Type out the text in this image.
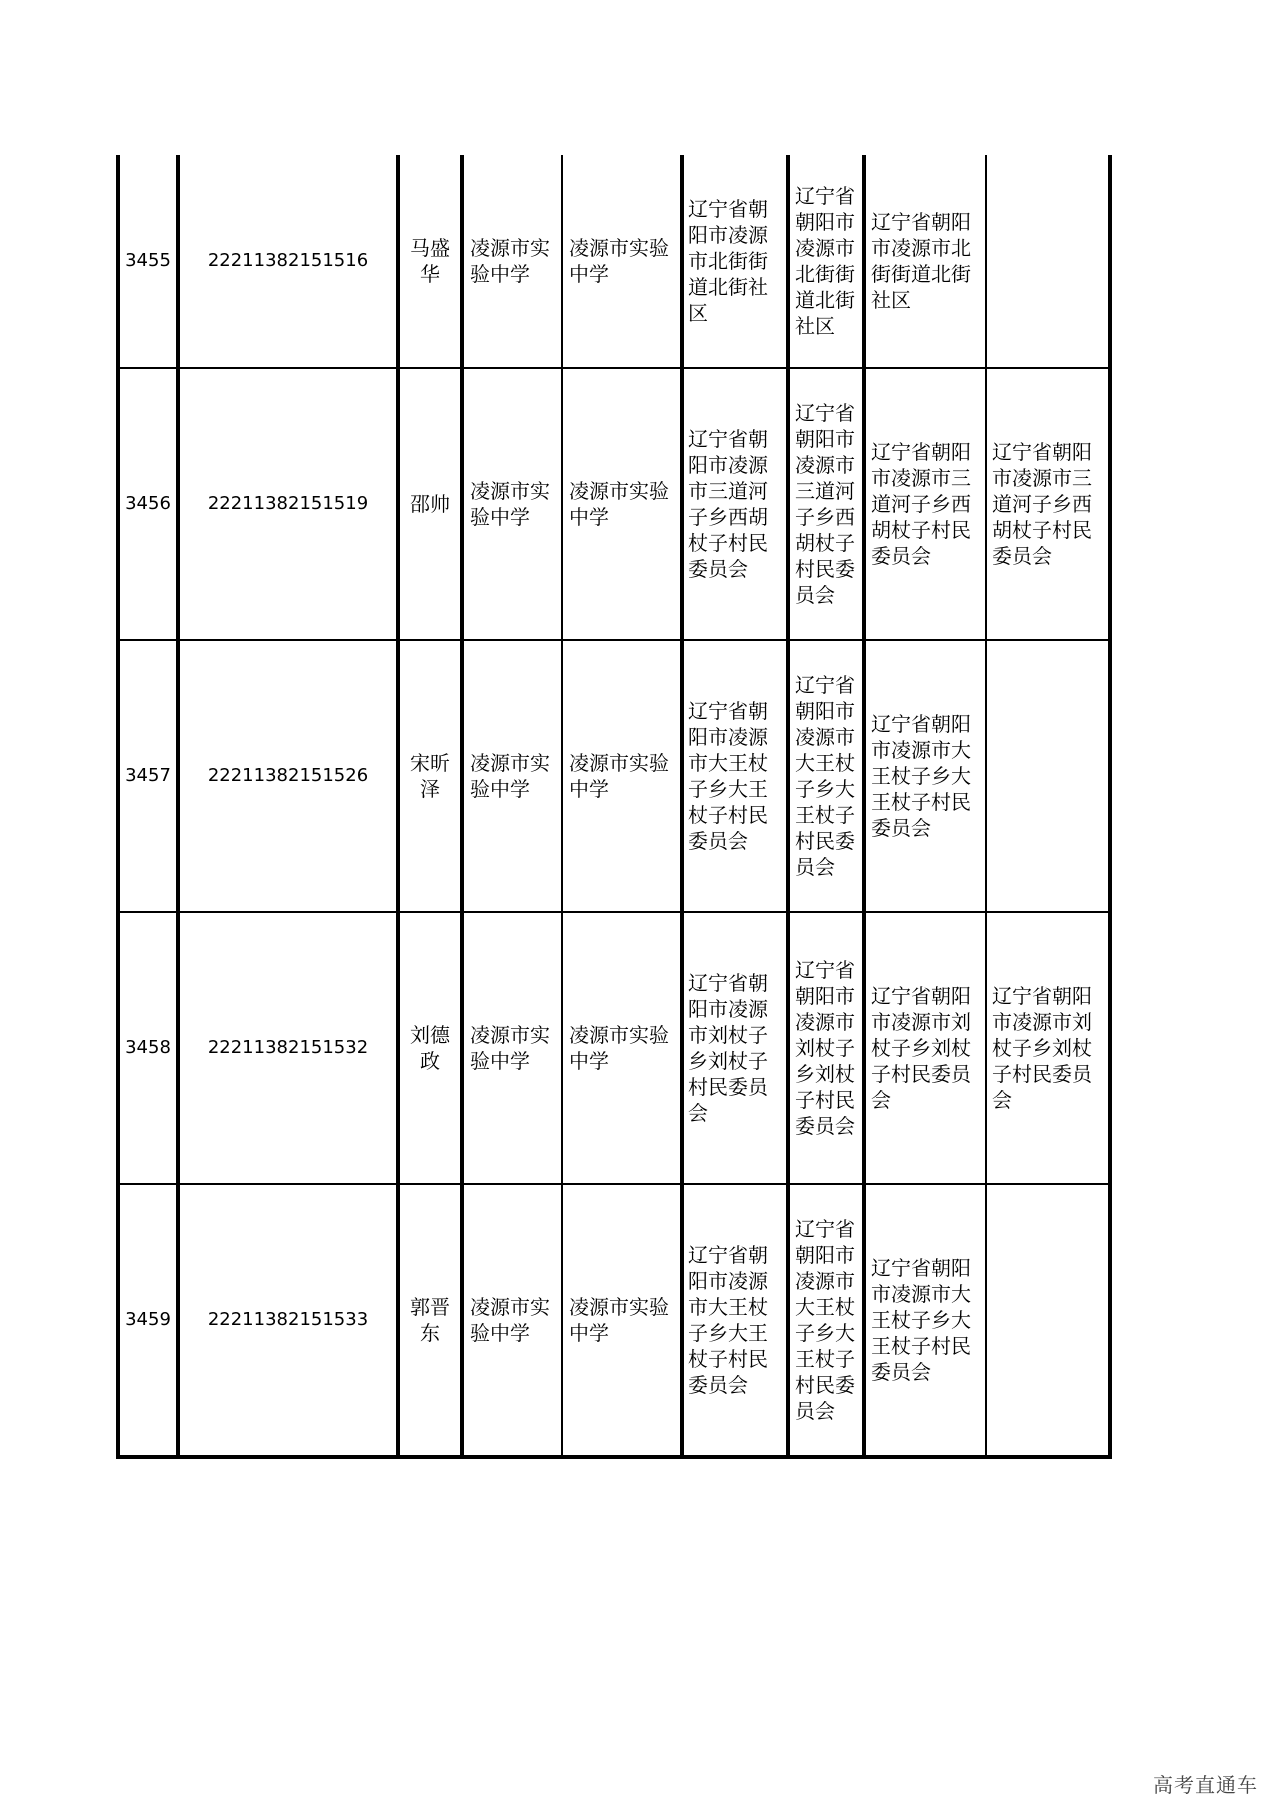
3455	22211382151516	马盛华	凌源市实验中学	凌源市实验中学	辽宁省朝阳市凌源市北街街道北街社区	辽宁省朝阳市凌源市北街街道北街社区	辽宁省朝阳市凌源市北街街道北街社区	
3456	22211382151519	邵帅	凌源市实验中学	凌源市实验中学	辽宁省朝阳市凌源市三道河子乡西胡杖子村民委员会	辽宁省朝阳市凌源市三道河子乡西胡杖子村民委员会	辽宁省朝阳市凌源市三道河子乡西胡杖子村民委员会	辽宁省朝阳市凌源市三道河子乡西胡杖子村民委员会
3457	22211382151526	宋昕泽	凌源市实验中学	凌源市实验中学	辽宁省朝阳市凌源市大王杖子乡大王杖子村民委员会	辽宁省朝阳市凌源市大王杖子乡大王杖子村民委员会	辽宁省朝阳市凌源市大王杖子乡大王杖子村民委员会	
3458	22211382151532	刘德政	凌源市实验中学	凌源市实验中学	辽宁省朝阳市凌源市刘杖子乡刘杖子村民委员会	辽宁省朝阳市凌源市刘杖子乡刘杖子村民委员会	辽宁省朝阳市凌源市刘杖子乡刘杖子村民委员会	辽宁省朝阳市凌源市刘杖子乡刘杖子村民委员会
3459	22211382151533	郭晋东	凌源市实验中学	凌源市实验中学	辽宁省朝阳市凌源市大王杖子乡大王杖子村民委员会	辽宁省朝阳市凌源市大王杖子乡大王杖子村民委员会	辽宁省朝阳市凌源市大王杖子乡大王杖子村民委员会	
高考直通车
